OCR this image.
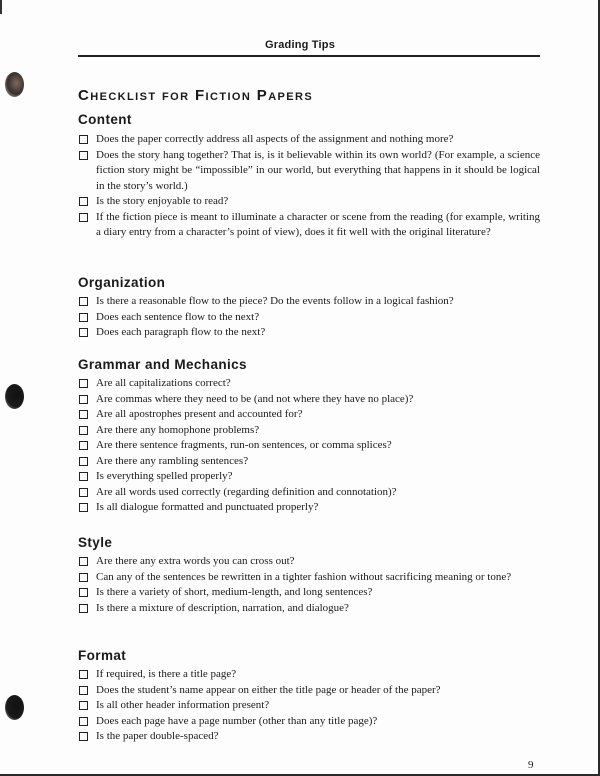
Grading Tips
Checklist for Fiction Papers
Content
Does the paper correctly address all aspects of the assignment and nothing more?
Does the story hang together? That is, is it believable within its own world? (For example, a science fiction story might be “impossible” in our world, but everything that happens in it should be logical in the story’s world.)
Is the story enjoyable to read?
If the fiction piece is meant to illuminate a character or scene from the reading (for example, writing a diary entry from a character’s point of view), does it fit well with the original literature?
Organization
Is there a reasonable flow to the piece? Do the events follow in a logical fashion?
Does each sentence flow to the next?
Does each paragraph flow to the next?
Grammar and Mechanics
Are all capitalizations correct?
Are commas where they need to be (and not where they have no place)?
Are all apostrophes present and accounted for?
Are there any homophone problems?
Are there sentence fragments, run-on sentences, or comma splices?
Are there any rambling sentences?
Is everything spelled properly?
Are all words used correctly (regarding definition and connotation)?
Is all dialogue formatted and punctuated properly?
Style
Are there any extra words you can cross out?
Can any of the sentences be rewritten in a tighter fashion without sacrificing meaning or tone?
Is there a variety of short, medium-length, and long sentences?
Is there a mixture of description, narration, and dialogue?
Format
If required, is there a title page?
Does the student’s name appear on either the title page or header of the paper?
Is all other header information present?
Does each page have a page number (other than any title page)?
Is the paper double-spaced?
9
